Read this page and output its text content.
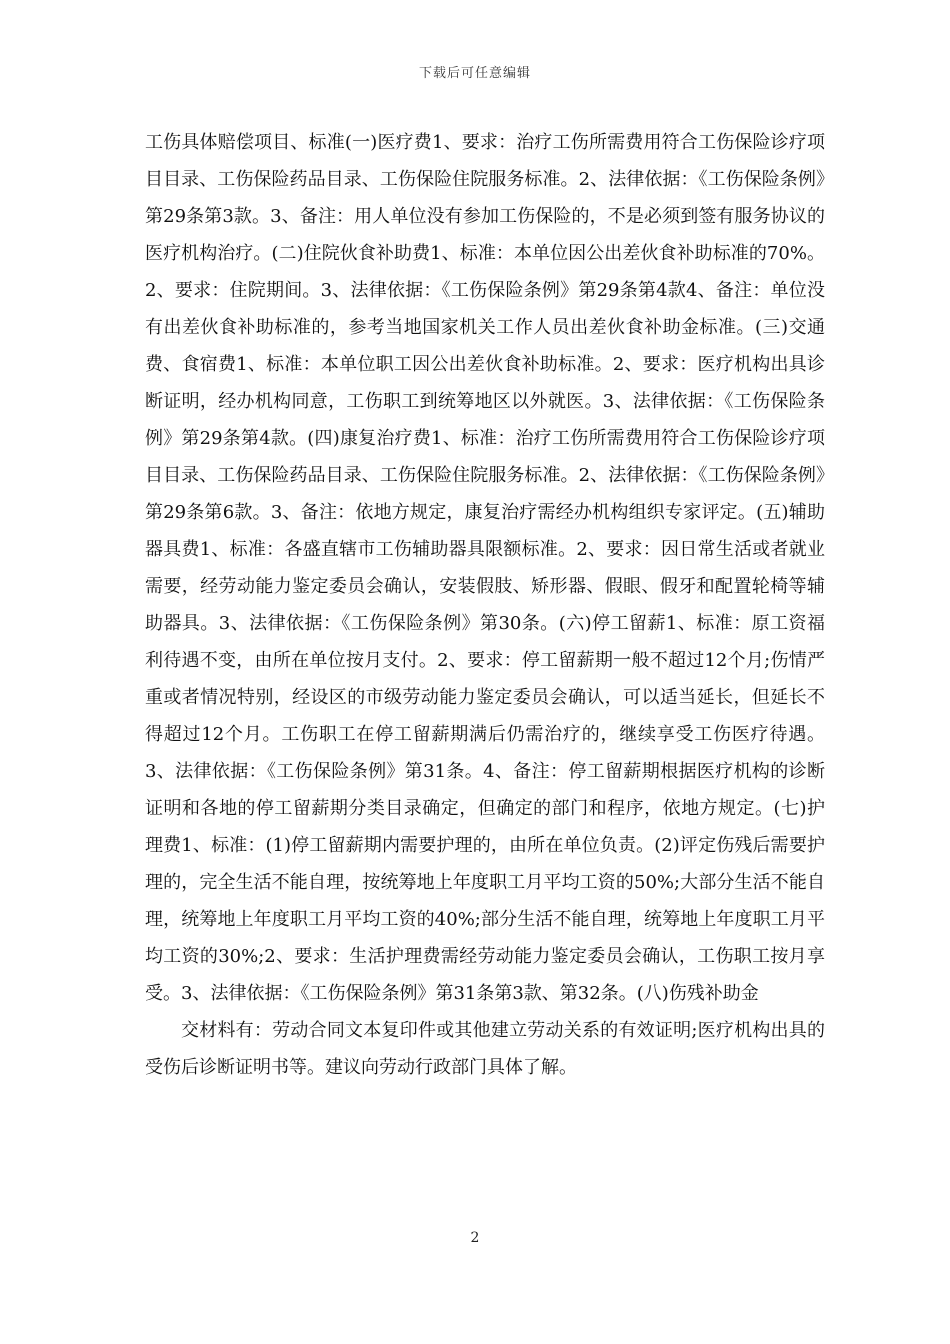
下载后可任意编辑

工伤具体赔偿项目、标准(一)医疗费1、要求：治疗工伤所需费用符合工伤保险诊疗项目目录、工伤保险药品目录、工伤保险住院服务标准。2、法律依据：《工伤保险条例》第29条第3款。3、备注：用人单位没有参加工伤保险的，不是必须到签有服务协议的医疗机构治疗。(二)住院伙食补助费1、标准：本单位因公出差伙食补助标准的70%。2、要求：住院期间。3、法律依据：《工伤保险条例》第29条第4款4、备注：单位没有出差伙食补助标准的，参考当地国家机关工作人员出差伙食补助金标准。(三)交通费、食宿费1、标准：本单位职工因公出差伙食补助标准。2、要求：医疗机构出具诊断证明，经办机构同意，工伤职工到统筹地区以外就医。3、法律依据：《工伤保险条例》第29条第4款。(四)康复治疗费1、标准：治疗工伤所需费用符合工伤保险诊疗项目目录、工伤保险药品目录、工伤保险住院服务标准。2、法律依据：《工伤保险条例》第29条第6款。3、备注：依地方规定，康复治疗需经办机构组织专家评定。(五)辅助器具费1、标准：各盛直辖市工伤辅助器具限额标准。2、要求：因日常生活或者就业需要，经劳动能力鉴定委员会确认，安装假肢、矫形器、假眼、假牙和配置轮椅等辅助器具。3、法律依据：《工伤保险条例》第30条。(六)停工留薪1、标准：原工资福利待遇不变，由所在单位按月支付。2、要求：停工留薪期一般不超过12个月;伤情严重或者情况特别，经设区的市级劳动能力鉴定委员会确认，可以适当延长，但延长不得超过12个月。工伤职工在停工留薪期满后仍需治疗的，继续享受工伤医疗待遇。3、法律依据：《工伤保险条例》第31条。4、备注：停工留薪期根据医疗机构的诊断证明和各地的停工留薪期分类目录确定，但确定的部门和程序，依地方规定。(七)护理费1、标准：(1)停工留薪期内需要护理的，由所在单位负责。(2)评定伤残后需要护理的，完全生活不能自理，按统筹地上年度职工月平均工资的50%;大部分生活不能自理，统筹地上年度职工月平均工资的40%;部分生活不能自理，统筹地上年度职工月平均工资的30%;2、要求：生活护理费需经劳动能力鉴定委员会确认，工伤职工按月享受。3、法律依据：《工伤保险条例》第31条第3款、第32条。(八)伤残补助金

交材料有：劳动合同文本复印件或其他建立劳动关系的有效证明;医疗机构出具的受伤后诊断证明书等。建议向劳动行政部门具体了解。

2
